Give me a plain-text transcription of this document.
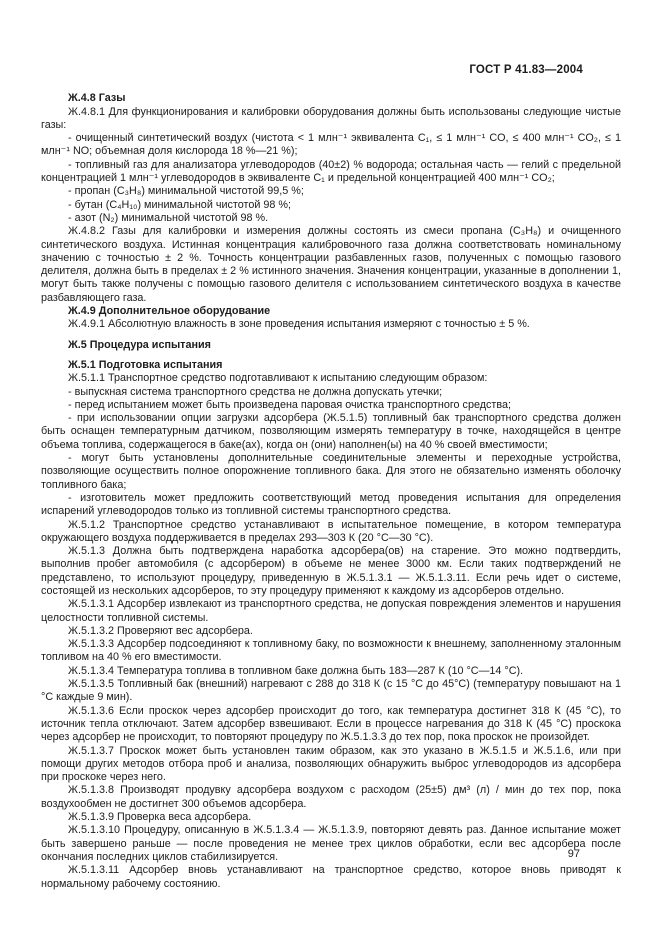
ГОСТ Р 41.83—2004

Ж.4.8 Газы

Ж.4.8.1 Для функционирования и калибровки оборудования должны быть использованы следующие чистые газы:

- очищенный синтетический воздух (чистота < 1 млн⁻¹ эквивалента C₁, ≤ 1 млн⁻¹ CO, ≤ 400 млн⁻¹ CO₂, ≤ 1 млн⁻¹ NO; объемная доля кислорода 18 %—21 %);

- топливный газ для анализатора углеводородов (40±2) % водорода; остальная часть — гелий с предельной концентрацией 1 млн⁻¹ углеводородов в эквиваленте C₁ и предельной концентрацией 400 млн⁻¹ CO₂;

- пропан (C₃H₈) минимальной чистотой 99,5 %;

- бутан (C₄H₁₀) минимальной чистотой 98 %;

- азот (N₂) минимальной чистотой 98 %.

Ж.4.8.2 Газы для калибровки и измерения должны состоять из смеси пропана (C₃H₈) и очищенного синтетического воздуха. Истинная концентрация калибровочного газа должна соответствовать номинальному значению с точностью ± 2 %. Точность концентрации разбавленных газов, полученных с помощью газового делителя, должна быть в пределах ± 2 % истинного значения. Значения концентрации, указанные в дополнении 1, могут быть также получены с помощью газового делителя с использованием синтетического воздуха в качестве разбавляющего газа.

Ж.4.9 Дополнительное оборудование

Ж.4.9.1 Абсолютную влажность в зоне проведения испытания измеряют с точностью ± 5 %.

Ж.5 Процедура испытания

Ж.5.1 Подготовка испытания

Ж.5.1.1 Транспортное средство подготавливают к испытанию следующим образом:

- выпускная система транспортного средства не должна допускать утечки;

- перед испытанием может быть произведена паровая очистка транспортного средства;

- при использовании опции загрузки адсорбера (Ж.5.1.5) топливный бак транспортного средства должен быть оснащен температурным датчиком, позволяющим измерять температуру в точке, находящейся в центре объема топлива, содержащегося в баке(ах), когда он (они) наполнен(ы) на 40 % своей вместимости;

- могут быть установлены дополнительные соединительные элементы и переходные устройства, позволяющие осуществить полное опорожнение топливного бака. Для этого не обязательно изменять оболочку топливного бака;

- изготовитель может предложить соответствующий метод проведения испытания для определения испарений углеводородов только из топливной системы транспортного средства.

Ж.5.1.2 Транспортное средство устанавливают в испытательное помещение, в котором температура окружающего воздуха поддерживается в пределах 293—303 К (20 °С—30 °С).

Ж.5.1.3 Должна быть подтверждена наработка адсорбера(ов) на старение. Это можно подтвердить, выполнив пробег автомобиля (с адсорбером) в объеме не менее 3000 км. Если таких подтверждений не представлено, то используют процедуру, приведенную в Ж.5.1.3.1 — Ж.5.1.3.11. Если речь идет о системе, состоящей из нескольких адсорберов, то эту процедуру применяют к каждому из адсорберов отдельно.

Ж.5.1.3.1 Адсорбер извлекают из транспортного средства, не допуская повреждения элементов и нарушения целостности топливной системы.

Ж.5.1.3.2 Проверяют вес адсорбера.

Ж.5.1.3.3 Адсорбер подсоединяют к топливному баку, по возможности к внешнему, заполненному эталонным топливом на 40 % его вместимости.

Ж.5.1.3.4 Температура топлива в топливном баке должна быть 183—287 К (10 °С—14 °С).

Ж.5.1.3.5 Топливный бак (внешний) нагревают с 288 до 318 К (с 15 °С до 45°С) (температуру повышают на 1 °С каждые 9 мин).

Ж.5.1.3.6 Если проскок через адсорбер происходит до того, как температура достигнет 318 К (45 °С), то источник тепла отключают. Затем адсорбер взвешивают. Если в процессе нагревания до 318 К (45 °С) проскока через адсорбер не происходит, то повторяют процедуру по Ж.5.1.3.3 до тех пор, пока проскок не произойдет.

Ж.5.1.3.7 Проскок может быть установлен таким образом, как это указано в Ж.5.1.5 и Ж.5.1.6, или при помощи других методов отбора проб и анализа, позволяющих обнаружить выброс углеводородов из адсорбера при проскоке через него.

Ж.5.1.3.8 Производят продувку адсорбера воздухом с расходом (25±5) дм³ (л) / мин до тех пор, пока воздухообмен не достигнет 300 объемов адсорбера.

Ж.5.1.3.9 Проверка веса адсорбера.

Ж.5.1.3.10 Процедуру, описанную в Ж.5.1.3.4 — Ж.5.1.3.9, повторяют девять раз. Данное испытание может быть завершено раньше — после проведения не менее трех циклов обработки, если вес адсорбера после окончания последних циклов стабилизируется.

Ж.5.1.3.11 Адсорбер вновь устанавливают на транспортное средство, которое вновь приводят к нормальному рабочему состоянию.

97
